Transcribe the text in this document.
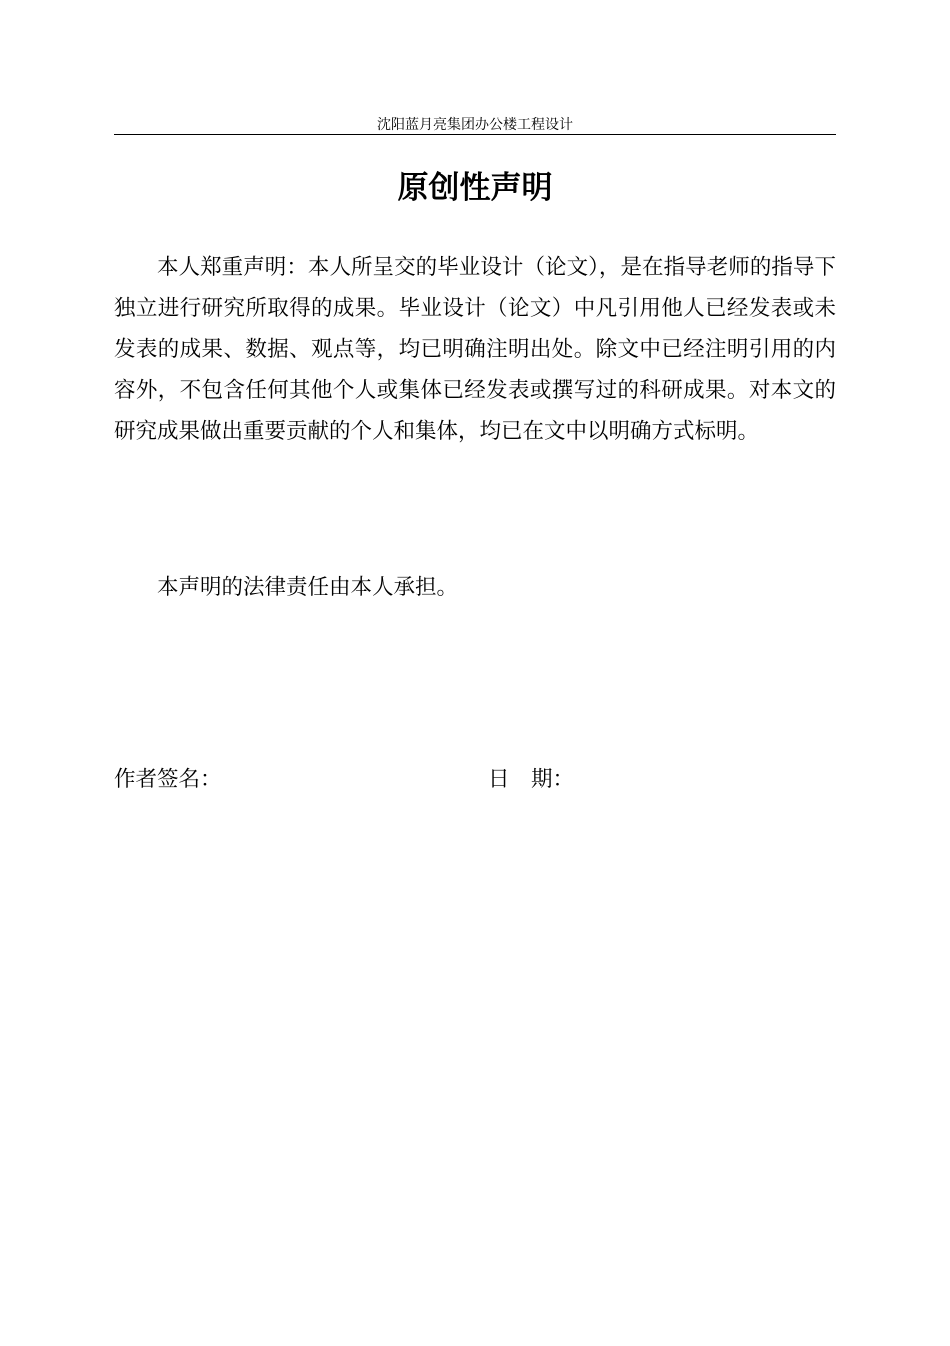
沈阳蓝月亮集团办公楼工程设计
原创性声明

本人郑重声明：本人所呈交的毕业设计（论文），是在指导老师的指导下独立进行研究所取得的成果。毕业设计（论文）中凡引用他人已经发表或未发表的成果、数据、观点等，均已明确注明出处。除文中已经注明引用的内容外，不包含任何其他个人或集体已经发表或撰写过的科研成果。对本文的研究成果做出重要贡献的个人和集体，均已在文中以明确方式标明。

本声明的法律责任由本人承担。

作者签名：	日　期：
